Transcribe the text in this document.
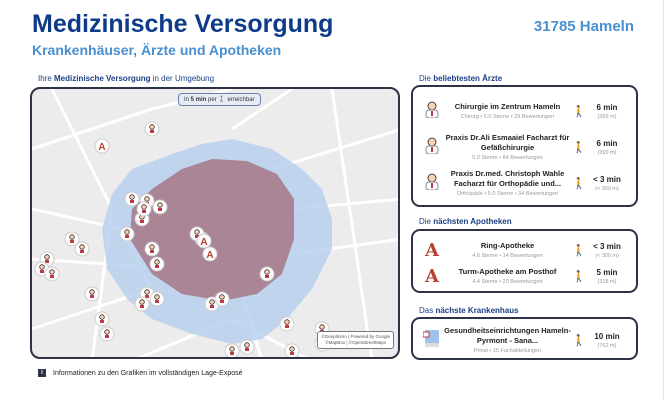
Medizinische Versorgung
Krankenhäuser, Ärzte und Apotheken
31785 Hameln
Ihre Medizinische Versorgung in der Umgebung
A
A
A
In 5 min per 🚶 erreichbar
©Geoplmmo | Powered by Google
©MapBox | ©OpenStreetMaps
i	Informationen zu den Grafiken im vollständigen Lage-Exposé
Die beliebtesten Ärzte
Chirurgie im Zentrum Hameln
Chirurg • 5.0 Sterne • 29 Bewertungen	🚶	6 min
(399 m)
Praxis Dr.Ali Esmaaiel Facharzt für Gefäßchirurgie
5.0 Sterne • 84 Bewertungen
🚶	6 min
(399 m)
Praxis Dr.med. Christoph Wahle Facharzt für Orthopädie und...
Orthopäde • 5.0 Sterne • 34 Bewertungen
🚶 < 3 min
(< 300 m)
Die nächsten Apotheken
A	Ring-Apotheke
4.6 Sterne • 14 Bewertungen	🚶 < 3 min
(< 300 m)
A	Turm-Apotheke am Posthof
4.4 Sterne • 20 Bewertungen	🚶	5 min
(318 m)
Das nächste Krankenhaus
Gesundheitseinrichtungen Hameln-Pyrmont - Sana...
Privat • 15 Fachabteilungen
🚶	10 min
(762 m)
